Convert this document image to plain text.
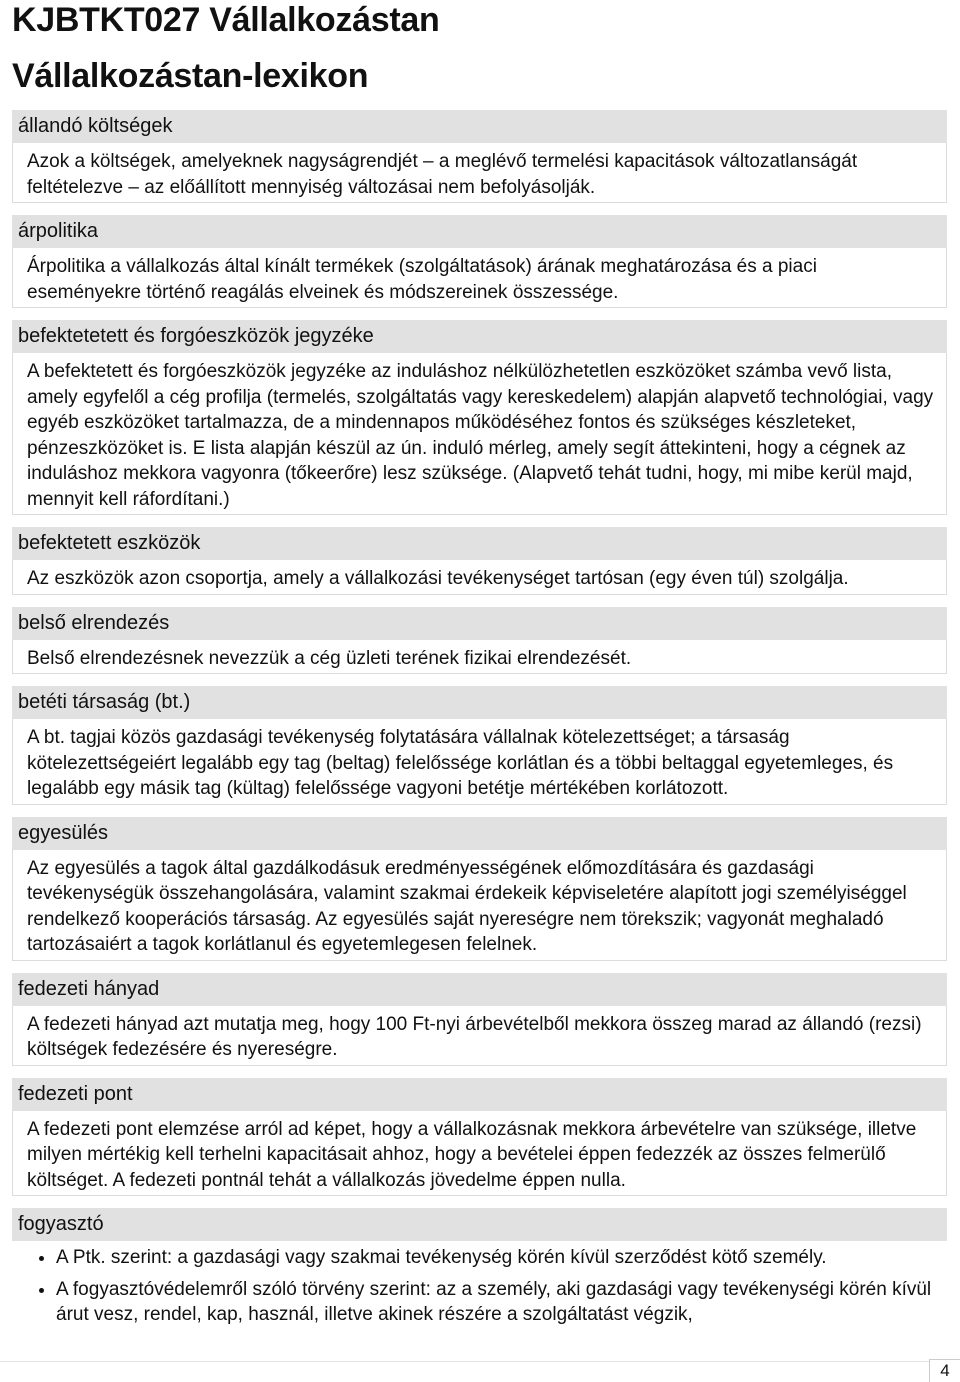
KJBTKT027 Vállalkozástan
Vállalkozástan-lexikon
állandó költségek
Azok a költségek, amelyeknek nagyságrendjét – a meglévő termelési kapacitások változatlanságát feltételezve – az előállított mennyiség változásai nem befolyásolják.
árpolitika
Árpolitika a vállalkozás által kínált termékek (szolgáltatások) árának meghatározása és a piaci eseményekre történő reagálás elveinek és módszereinek összessége.
befektetetett és forgóeszközök jegyzéke
A befektetett és forgóeszközök jegyzéke az induláshoz nélkülözhetetlen eszközöket számba vevő lista, amely egyfelől a cég profilja (termelés, szolgáltatás vagy kereskedelem) alapján alapvető technológiai, vagy egyéb eszközöket tartalmazza, de a mindennapos működéséhez fontos és szükséges készleteket, pénzeszközöket is. E lista alapján készül az ún. induló mérleg, amely segít áttekinteni, hogy a cégnek az induláshoz mekkora vagyonra (tőkeerőre) lesz szüksége. (Alapvető tehát tudni, hogy, mi mibe kerül majd, mennyit kell ráfordítani.)
befektetett eszközök
Az eszközök azon csoportja, amely a vállalkozási tevékenységet tartósan (egy éven túl) szolgálja.
belső elrendezés
Belső elrendezésnek nevezzük a cég üzleti terének fizikai elrendezését.
betéti társaság (bt.)
A bt. tagjai közös gazdasági tevékenység folytatására vállalnak kötelezettséget; a társaság kötelezettségeiért legalább egy tag (beltag) felelőssége korlátlan és a többi beltaggal egyetemleges, és legalább egy másik tag (kültag) felelőssége vagyoni betétje mértékében korlátozott.
egyesülés
Az egyesülés a tagok által gazdálkodásuk eredményességének előmozdítására és gazdasági tevékenységük összehangolására, valamint szakmai érdekeik képviseletére alapított jogi személyiséggel rendelkező kooperációs társaság. Az egyesülés saját nyereségre nem törekszik; vagyonát meghaladó tartozásaiért a tagok korlátlanul és egyetemlegesen felelnek.
fedezeti hányad
A fedezeti hányad azt mutatja meg, hogy 100 Ft-nyi árbevételből mekkora összeg marad az állandó (rezsi) költségek fedezésére és nyereségre.
fedezeti pont
A fedezeti pont elemzése arról ad képet, hogy a vállalkozásnak mekkora árbevételre van szüksége, illetve milyen mértékig kell terhelni kapacitásait ahhoz, hogy a bevételei éppen fedezzék az összes felmerülő költséget. A fedezeti pontnál tehát a vállalkozás jövedelme éppen nulla.
fogyasztó
• A Ptk. szerint: a gazdasági vagy szakmai tevékenység körén kívül szerződést kötő személy.
• A fogyasztóvédelemről szóló törvény szerint: az a személy, aki gazdasági vagy tevékenységi körén kívül árut vesz, rendel, kap, használ, illetve akinek részére a szolgáltatást végzik,
4
